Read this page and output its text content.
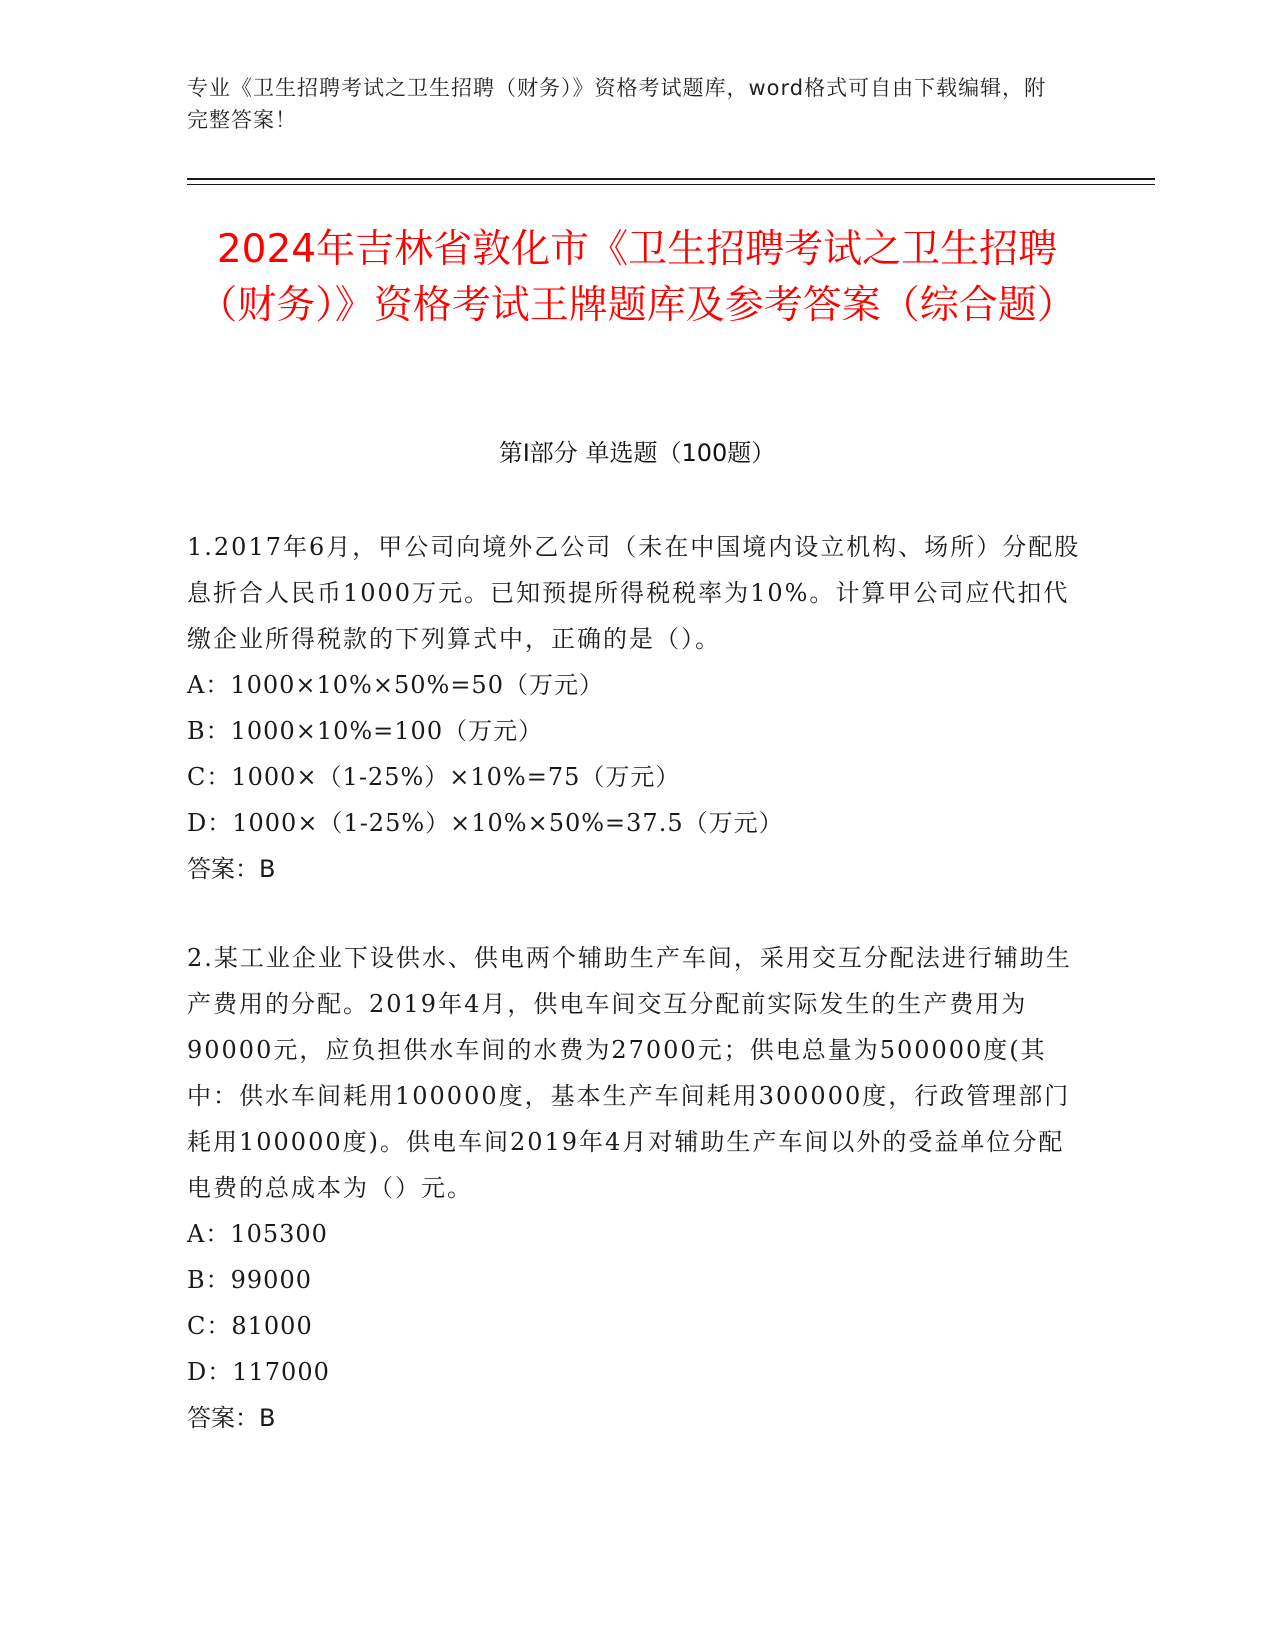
专业《卫生招聘考试之卫生招聘（财务）》资格考试题库，word格式可自由下载编辑，附完整答案！
2024年吉林省敦化市《卫生招聘考试之卫生招聘（财务）》资格考试王牌题库及参考答案（综合题）
第I部分 单选题（100题）

1.2017年6月，甲公司向境外乙公司（未在中国境内设立机构、场所）分配股息折合人民币1000万元。已知预提所得税税率为10%。计算甲公司应代扣代缴企业所得税款的下列算式中，正确的是（）。

A：1000×10%×50%=50（万元）
B：1000×10%=100（万元）
C：1000×（1-25%）×10%=75（万元）
D：1000×（1-25%）×10%×50%=37.5（万元）
答案：B

2.某工业企业下设供水、供电两个辅助生产车间，采用交互分配法进行辅助生产费用的分配。2019年4月，供电车间交互分配前实际发生的生产费用为90000元，应负担供水车间的水费为27000元；供电总量为500000度(其中：供水车间耗用100000度，基本生产车间耗用300000度，行政管理部门耗用100000度)。供电车间2019年4月对辅助生产车间以外的受益单位分配电费的总成本为（）元。

A：105300
B：99000
C：81000
D：117000
答案：B
